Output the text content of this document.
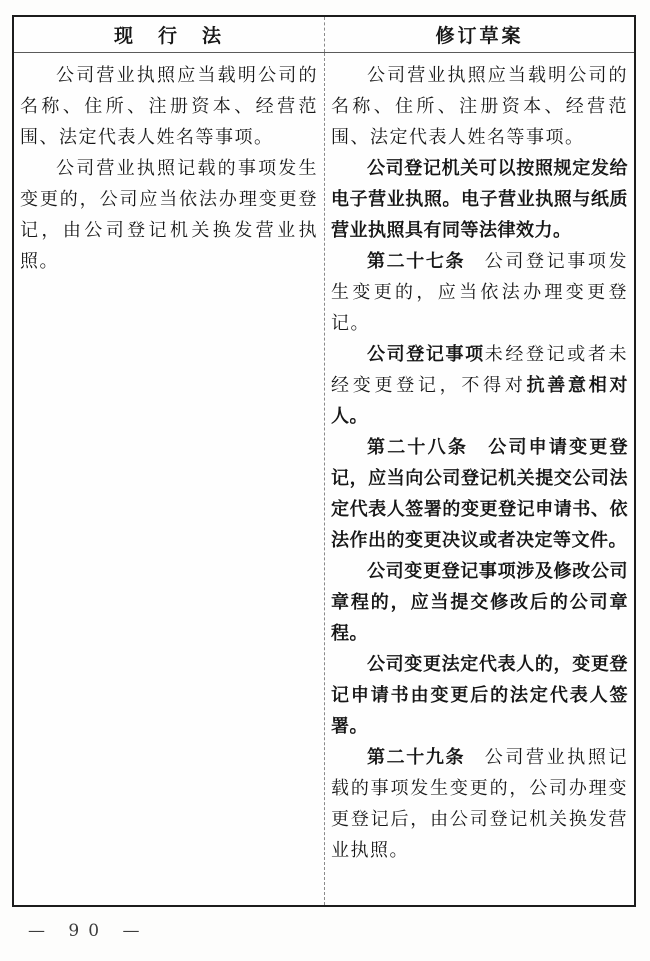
现　行　法	修订草案

公司营业执照应当载明公司的名称、住所、注册资本、经营范围、法定代表人姓名等事项。

公司营业执照记载的事项发生变更的，公司应当依法办理变更登记，由公司登记机关换发营业执照。

公司营业执照应当载明公司的名称、住所、注册资本、经营范围、法定代表人姓名等事项。

公司登记机关可以按照规定发给电子营业执照。电子营业执照与纸质营业执照具有同等法律效力。

第二十七条　公司登记事项发生变更的，应当依法办理变更登记。

公司登记事项未经登记或者未经变更登记，不得对抗善意相对人。

第二十八条　公司申请变更登记，应当向公司登记机关提交公司法定代表人签署的变更登记申请书、依法作出的变更决议或者决定等文件。

公司变更登记事项涉及修改公司章程的，应当提交修改后的公司章程。

公司变更法定代表人的，变更登记申请书由变更后的法定代表人签署。

第二十九条　公司营业执照记载的事项发生变更的，公司办理变更登记后，由公司登记机关换发营业执照。

— 90 —
